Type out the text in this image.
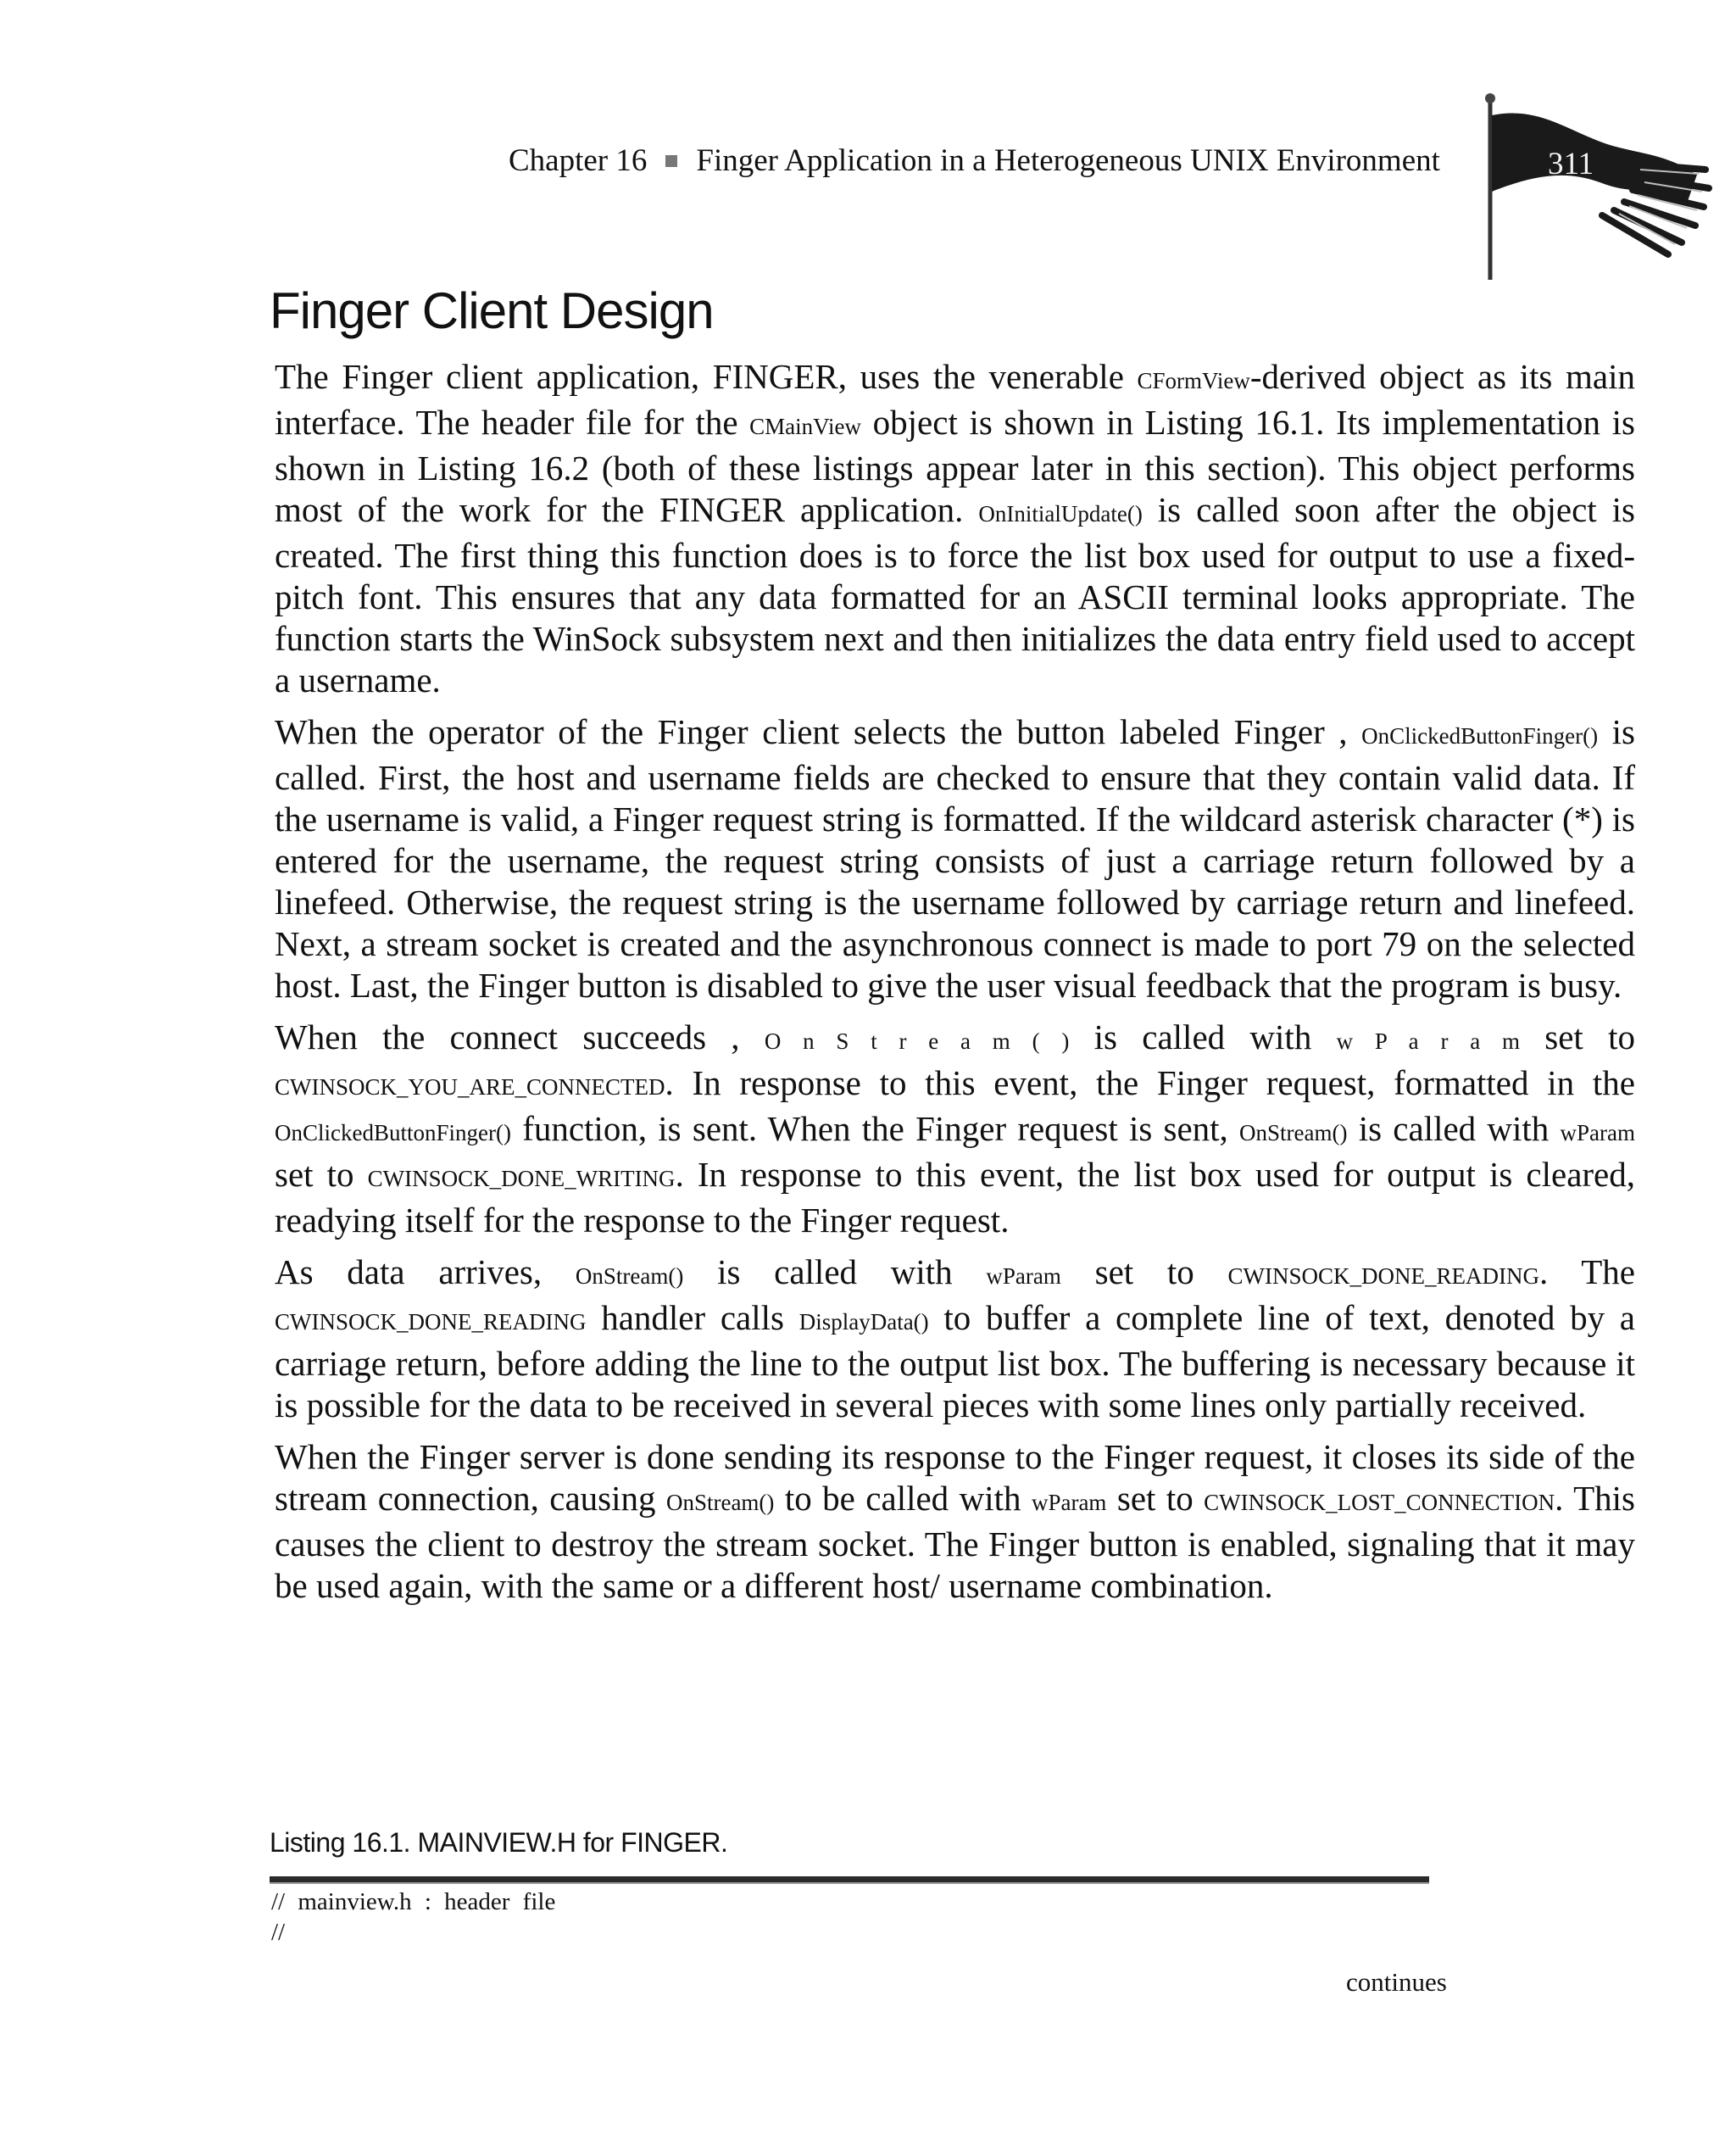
Chapter 16 Finger Application in a Heterogeneous UNIX Environment	311
Finger Client Design

The Finger client application, FINGER, uses the venerable CFormView-derived object as its main interface. The header file for the CMainView object is shown in Listing 16.1. Its implementation is shown in Listing 16.2 (both of these listings appear later in this section). This object performs most of the work for the FINGER application. OnInitialUpdate() is called soon after the object is created. The first thing this function does is to force the list box used for output to use a fixed-pitch font. This ensures that any data formatted for an ASCII terminal looks appropriate. The function starts the WinSock subsystem next and then initializes the data entry field used to accept a username.

When the operator of the Finger client selects the button labeled Finger , OnClickedButtonFinger() is called. First, the host and username fields are checked to ensure that they contain valid data. If the username is valid, a Finger request string is formatted. If the wildcard asterisk character (*) is entered for the username, the request string consists of just a carriage return followed by a linefeed. Otherwise, the request string is the username followed by carriage return and linefeed. Next, a stream socket is created and the asynchronous connect is made to port 79 on the selected host. Last, the Finger button is disabled to give the user visual feedback that the program is busy.

When the connect succeeds , O n S t r e a m ( ) is called with w P a r a m set to CWINSOCK_YOU_ARE_CONNECTED. In response to this event, the Finger request, formatted in the OnClickedButtonFinger() function, is sent. When the Finger request is sent, OnStream() is called with wParam set to CWINSOCK_DONE_WRITING. In response to this event, the list box used for output is cleared, readying itself for the response to the Finger request.

As data arrives, OnStream() is called with wParam set to CWINSOCK_DONE_READING. The CWINSOCK_DONE_READING handler calls DisplayData() to buffer a complete line of text, denoted by a carriage return, before adding the line to the output list box. The buffering is necessary because it is possible for the data to be received in several pieces with some lines only partially received.

When the Finger server is done sending its response to the Finger request, it closes its side of the stream connection, causing OnStream() to be called with wParam set to CWINSOCK_LOST_CONNECTION. This causes the client to destroy the stream socket. The Finger button is enabled, signaling that it may be used again, with the same or a different host/ username combination.

Listing 16.1. MAINVIEW.H for FINGER.
// mainview.h : header file
//
continues
